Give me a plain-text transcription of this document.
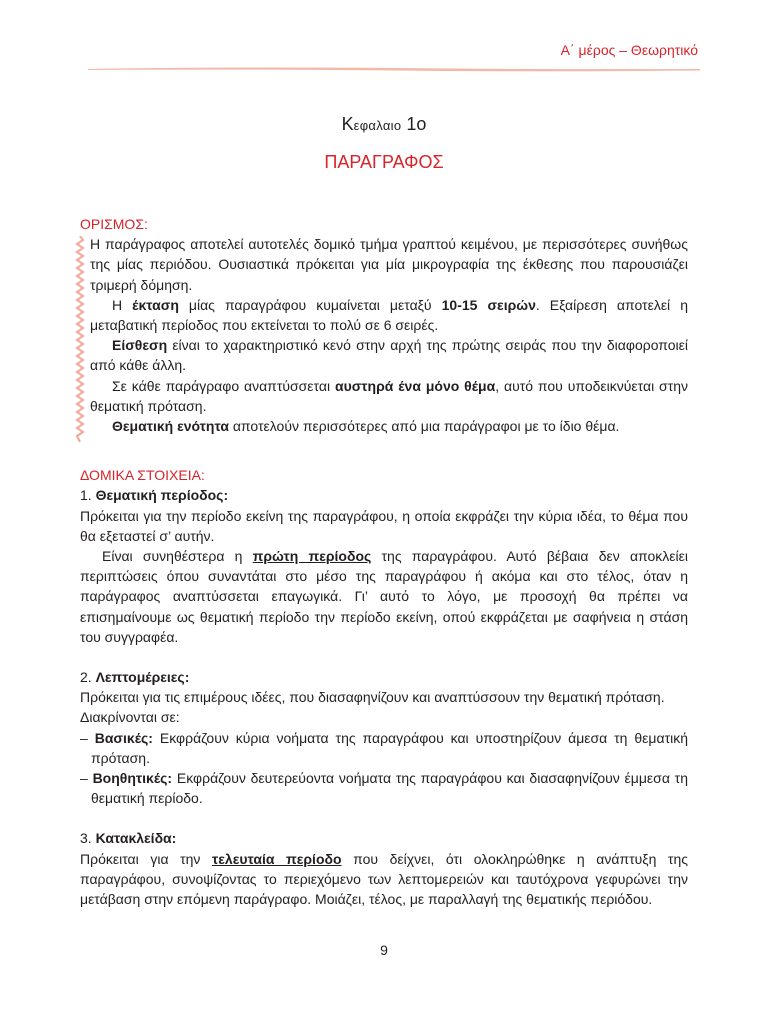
Α΄ μέρος – Θεωρητικό
Κεφαλαιο 1ο
ΠΑΡΑΓΡΑΦΟΣ
ΟΡΙΣΜΟΣ:

Η παράγραφος αποτελεί αυτοτελές δομικό τμήμα γραπτού κειμένου, με περισσότερες συνήθως της μίας περιόδου. Ουσιαστικά πρόκειται για μία μικρογραφία της έκθεσης που παρουσιάζει τριμερή δόμηση.

Η έκταση μίας παραγράφου κυμαίνεται μεταξύ 10-15 σειρών. Εξαίρεση αποτελεί η μεταβατική περίοδος που εκτείνεται το πολύ σε 6 σειρές.

Είσθεση είναι το χαρακτηριστικό κενό στην αρχή της πρώτης σειράς που την διαφοροποιεί από κάθε άλλη.

Σε κάθε παράγραφο αναπτύσσεται αυστηρά ένα μόνο θέμα, αυτό που υποδεικνύεται στην θεματική πρόταση.

Θεματική ενότητα αποτελούν περισσότερες από μια παράγραφοι με το ίδιο θέμα.

ΔΟΜΙΚΑ ΣΤΟΙΧΕΙΑ:
1. Θεματική περίοδος:

Πρόκειται για την περίοδο εκείνη της παραγράφου, η οποία εκφράζει την κύρια ιδέα, το θέμα που θα εξεταστεί σ’ αυτήν.

Είναι συνηθέστερα η πρώτη περίοδος της παραγράφου. Αυτό βέβαια δεν αποκλείει περιπτώσεις όπου συναντάται στο μέσο της παραγράφου ή ακόμα και στο τέλος, όταν η παράγραφος αναπτύσσεται επαγωγικά. Γι’ αυτό το λόγο, με προσοχή θα πρέπει να επισημαίνουμε ως θεματική περίοδο την περίοδο εκείνη, οπού εκφράζεται με σαφήνεια η στάση του συγγραφέα.

2. Λεπτομέρειες:

Πρόκειται για τις επιμέρους ιδέες, που διασαφηνίζουν και αναπτύσσουν την θεματική πρόταση.

Διακρίνονται σε:

– Βασικές: Εκφράζουν κύρια νοήματα της παραγράφου και υποστηρίζουν άμεσα τη θεματική πρόταση.

– Βοηθητικές: Εκφράζουν δευτερεύοντα νοήματα της παραγράφου και διασαφηνίζουν έμμεσα τη θεματική περίοδο.

3. Κατακλείδα:

Πρόκειται για την τελευταία περίοδο που δείχνει, ότι ολοκληρώθηκε η ανάπτυξη της παραγράφου, συνοψίζοντας το περιεχόμενο των λεπτομερειών και ταυτόχρονα γεφυρώνει την μετάβαση στην επόμενη παράγραφο. Μοιάζει, τέλος, με παραλλαγή της θεματικής περιόδου.

9
